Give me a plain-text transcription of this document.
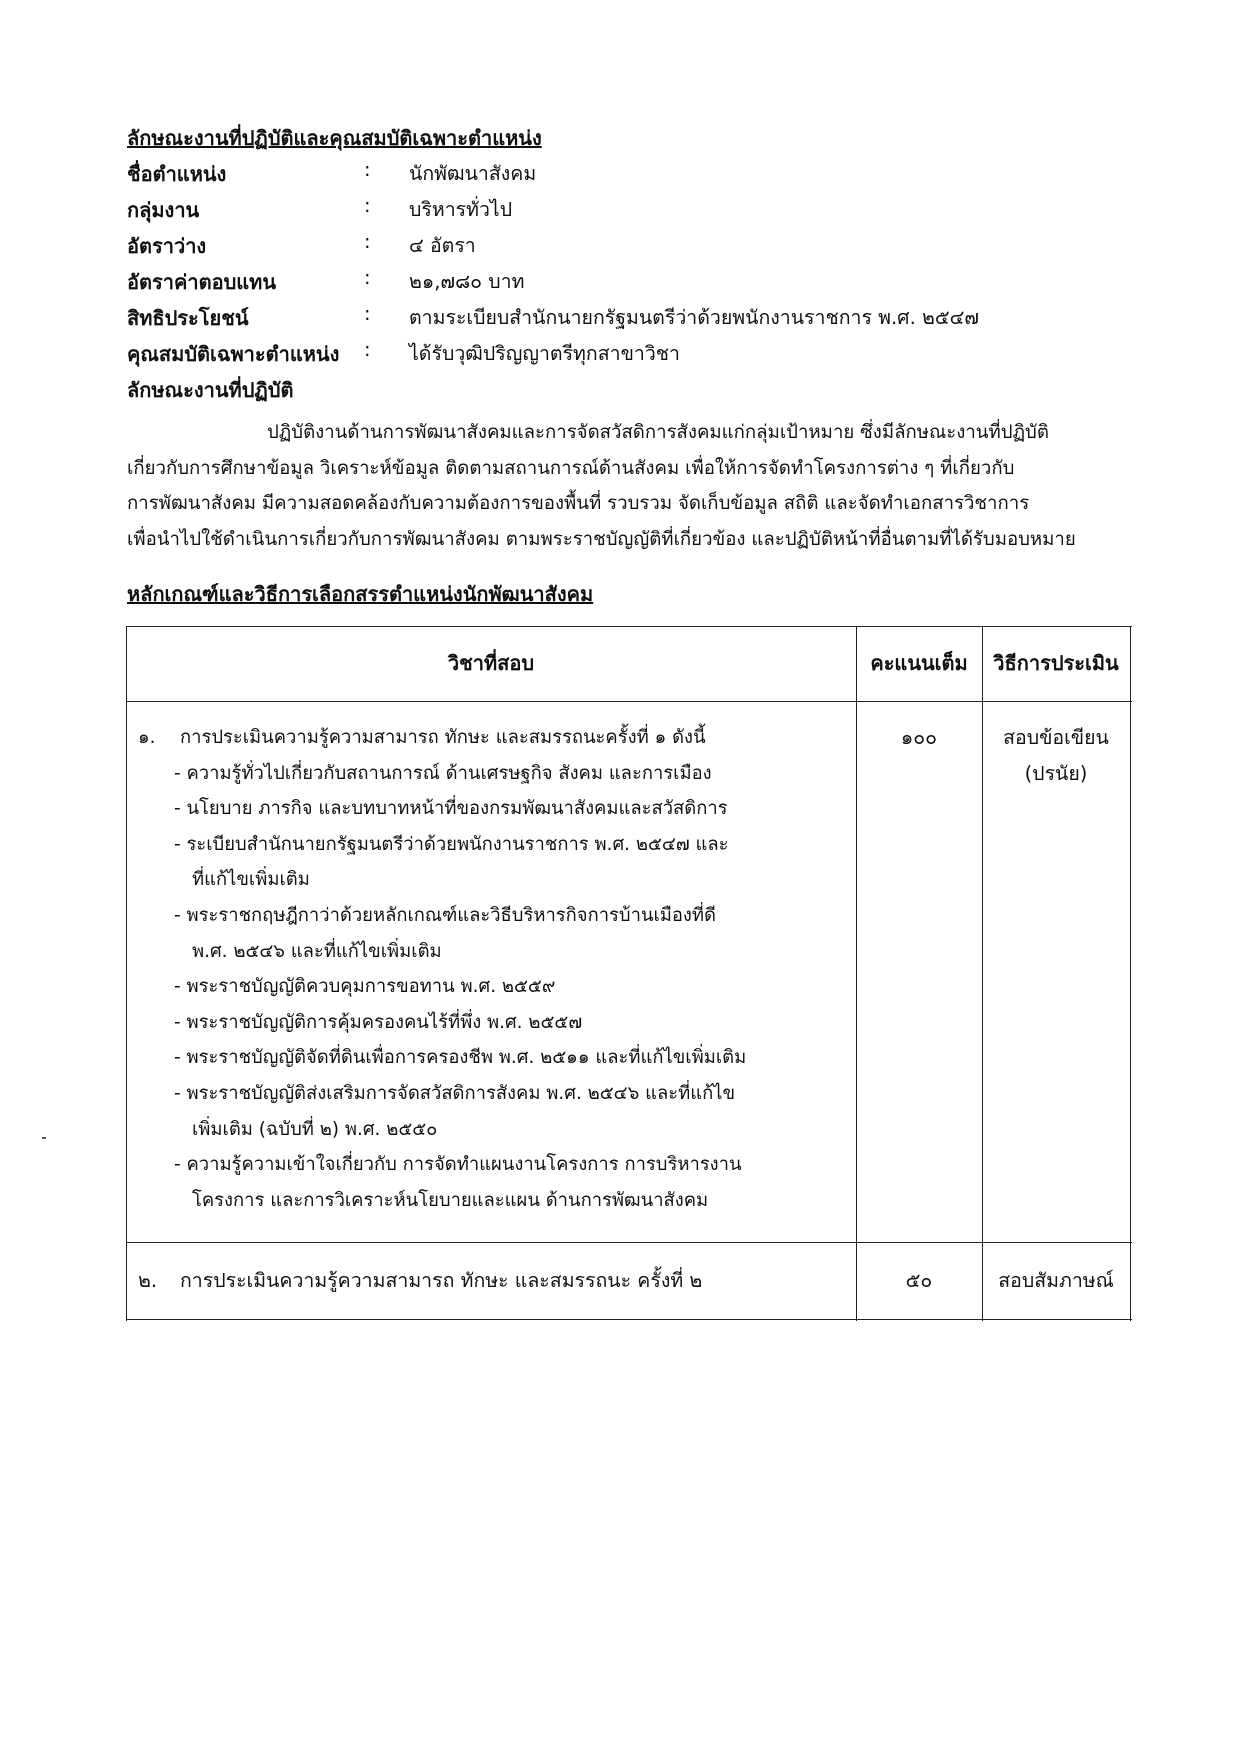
ลักษณะงานที่ปฏิบัติและคุณสมบัติเฉพาะตำแหน่ง
ชื่อตำแหน่ง	: นักพัฒนาสังคม
กลุ่มงาน	: บริหารทั่วไป
อัตราว่าง	: ๔ อัตรา
อัตราค่าตอบแทน	: ๒๑,๗๘๐ บาท
สิทธิประโยชน์	: ตามระเบียบสำนักนายกรัฐมนตรีว่าด้วยพนักงานราชการ พ.ศ. ๒๕๔๗
คุณสมบัติเฉพาะตำแหน่ง : ได้รับวุฒิปริญญาตรีทุกสาขาวิชา
ลักษณะงานที่ปฏิบัติ

ปฏิบัติงานด้านการพัฒนาสังคมและการจัดสวัสดิการสังคมแก่กลุ่มเป้าหมาย ซึ่งมีลักษณะงานที่ปฏิบัติ

เกี่ยวกับการศึกษาข้อมูล วิเคราะห์ข้อมูล ติดตามสถานการณ์ด้านสังคม เพื่อให้การจัดทำโครงการต่าง ๆ ที่เกี่ยวกับ

การพัฒนาสังคม มีความสอดคล้องกับความต้องการของพื้นที่ รวบรวม จัดเก็บข้อมูล สถิติ และจัดทำเอกสารวิชาการ

เพื่อนำไปใช้ดำเนินการเกี่ยวกับการพัฒนาสังคม ตามพระราชบัญญัติที่เกี่ยวข้อง และปฏิบัติหน้าที่อื่นตามที่ได้รับมอบหมาย

หลักเกณฑ์และวิธีการเลือกสรรตำแหน่งนักพัฒนาสังคม
วิชาที่สอบ	คะแนนเต็ม	วิธีการประเมิน
๑. การประเมินความรู้ความสามารถ ทักษะ และสมรรถนะครั้งที่ ๑ ดังนี้
- ความรู้ทั่วไปเกี่ยวกับสถานการณ์ ด้านเศรษฐกิจ สังคม และการเมือง
- นโยบาย ภารกิจ และบทบาทหน้าที่ของกรมพัฒนาสังคมและสวัสดิการ
- ระเบียบสำนักนายกรัฐมนตรีว่าด้วยพนักงานราชการ พ.ศ. ๒๕๔๗ และ
ที่แก้ไขเพิ่มเติม
- พระราชกฤษฎีกาว่าด้วยหลักเกณฑ์และวิธีบริหารกิจการบ้านเมืองที่ดี
พ.ศ. ๒๕๔๖ และที่แก้ไขเพิ่มเติม
- พระราชบัญญัติควบคุมการขอทาน พ.ศ. ๒๕๕๙
- พระราชบัญญัติการคุ้มครองคนไร้ที่พึ่ง พ.ศ. ๒๕๕๗
- พระราชบัญญัติจัดที่ดินเพื่อการครองชีพ พ.ศ. ๒๕๑๑ และที่แก้ไขเพิ่มเติม
- พระราชบัญญัติส่งเสริมการจัดสวัสดิการสังคม พ.ศ. ๒๕๔๖ และที่แก้ไข
เพิ่มเติม (ฉบับที่ ๒) พ.ศ. ๒๕๕๐
- ความรู้ความเข้าใจเกี่ยวกับ การจัดทำแผนงานโครงการ การบริหารงาน
โครงการ และการวิเคราะห์นโยบายและแผน ด้านการพัฒนาสังคม
๑๐๐	สอบข้อเขียน
(ปรนัย)
๒. การประเมินความรู้ความสามารถ ทักษะ และสมรรถนะ ครั้งที่ ๒	๕๐	สอบสัมภาษณ์
